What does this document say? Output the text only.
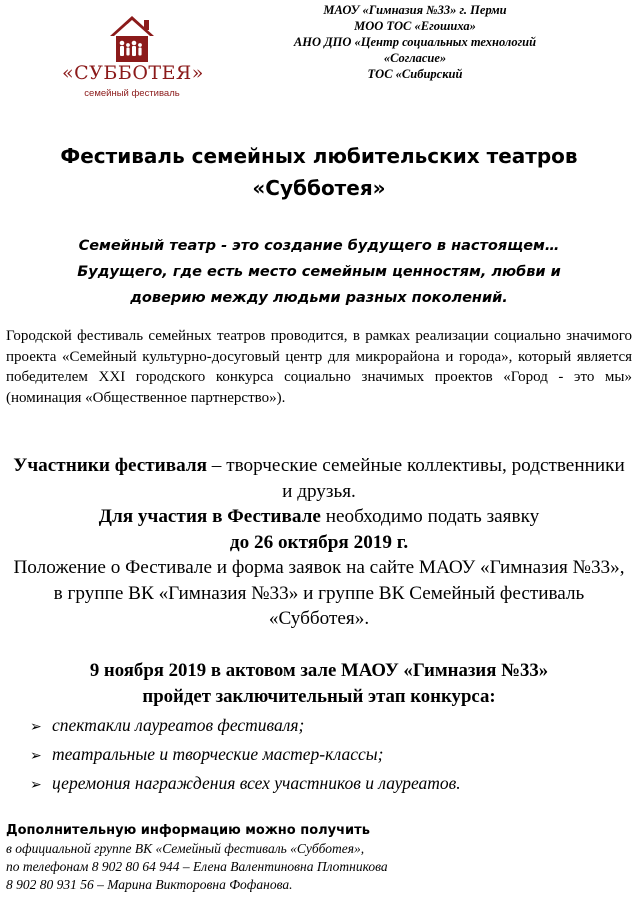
«СУББОТЕЯ»
семейный фестиваль
МАОУ «Гимназия №33» г. Перми
МОО ТОС «Егошиха»
АНО ДПО «Центр социальных технологий
«Согласие»
ТОС «Сибирский
Фестиваль семейных любительских театров
«Субботея»
Семейный театр - это создание будущего в настоящем…
Будущего, где есть место семейным ценностям, любви и
доверию между людьми разных поколений.
Городской фестиваль семейных театров проводится, в рамках реализации социально значимого проекта «Семейный культурно-досуговый центр для микрорайона и города», который является победителем XXI городского конкурса социально значимых проектов «Город - это мы» (номинация «Общественное партнерство»).
Участники фестиваля – творческие семейные коллективы, родственники и друзья.
Для участия в Фестивале необходимо подать заявку
до 26 октября 2019 г.
Положение о Фестивале и форма заявок на сайте МАОУ «Гимназия №33», в группе ВК «Гимназия №33» и группе ВК Семейный фестиваль «Субботея».
9 ноября 2019 в актовом зале МАОУ «Гимназия №33»
пройдет заключительный этап конкурса:
➢ спектакли лауреатов фестиваля;
➢ театральные и творческие мастер-классы;
➢ церемония награждения всех участников и лауреатов.
Дополнительную информацию можно получить
в официальной группе ВК «Семейный фестиваль «Субботея»,
по телефонам 8 902 80 64 944 – Елена Валентиновна Плотникова
8 902 80 931 56 – Марина Викторовна Фофанова.
